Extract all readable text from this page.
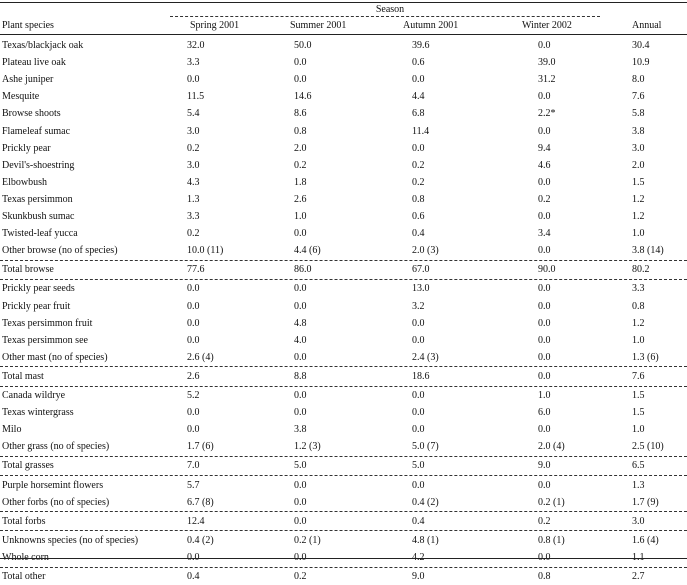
Season
Plant species	Spring 2001	Summer 2001	Autumn 2001	Winter 2002	Annual
Texas/blackjack oak	32.0	50.0	39.6	0.0	30.4
Plateau live oak	3.3	0.0	0.6	39.0	10.9
Ashe juniper	0.0	0.0	0.0	31.2	8.0
Mesquite	11.5	14.6	4.4	0.0	7.6
Browse shoots	5.4	8.6	6.8	2.2*	5.8
Flameleaf sumac	3.0	0.8	11.4	0.0	3.8
Prickly pear	0.2	2.0	0.0	9.4	3.0
Devil's-shoestring	3.0	0.2	0.2	4.6	2.0
Elbowbush	4.3	1.8	0.2	0.0	1.5
Texas persimmon	1.3	2.6	0.8	0.2	1.2
Skunkbush sumac	3.3	1.0	0.6	0.0	1.2
Twisted-leaf yucca	0.2	0.0	0.4	3.4	1.0
Other browse (no of species)	10.0 (11)	4.4 (6)	2.0 (3)	0.0	3.8 (14)
Total browse	77.6	86.0	67.0	90.0	80.2
Prickly pear seeds	0.0	0.0	13.0	0.0	3.3
Prickly pear fruit	0.0	0.0	3.2	0.0	0.8
Texas persimmon fruit	0.0	4.8	0.0	0.0	1.2
Texas persimmon see	0.0	4.0	0.0	0.0	1.0
Other mast (no of species)	2.6 (4)	0.0	2.4 (3)	0.0	1.3 (6)
Total mast	2.6	8.8	18.6	0.0	7.6
Canada wildrye	5.2	0.0	0.0	1.0	1.5
Texas wintergrass	0.0	0.0	0.0	6.0	1.5
Milo	0.0	3.8	0.0	0.0	1.0
Other grass (no of species)	1.7 (6)	1.2 (3)	5.0 (7)	2.0 (4)	2.5 (10)
Total grasses	7.0	5.0	5.0	9.0	6.5
Purple horsemint flowers	5.7	0.0	0.0	0.0	1.3
Other forbs (no of species)	6.7 (8)	0.0	0.4 (2)	0.2 (1)	1.7 (9)
Total forbs	12.4	0.0	0.4	0.2	3.0
Unknowns species (no of species)	0.4 (2)	0.2 (1)	4.8 (1)	0.8 (1)	1.6 (4)
Whole corn	0.0	0.0	4.2	0.0	1.1
Total other	0.4	0.2	9.0	0.8	2.7
